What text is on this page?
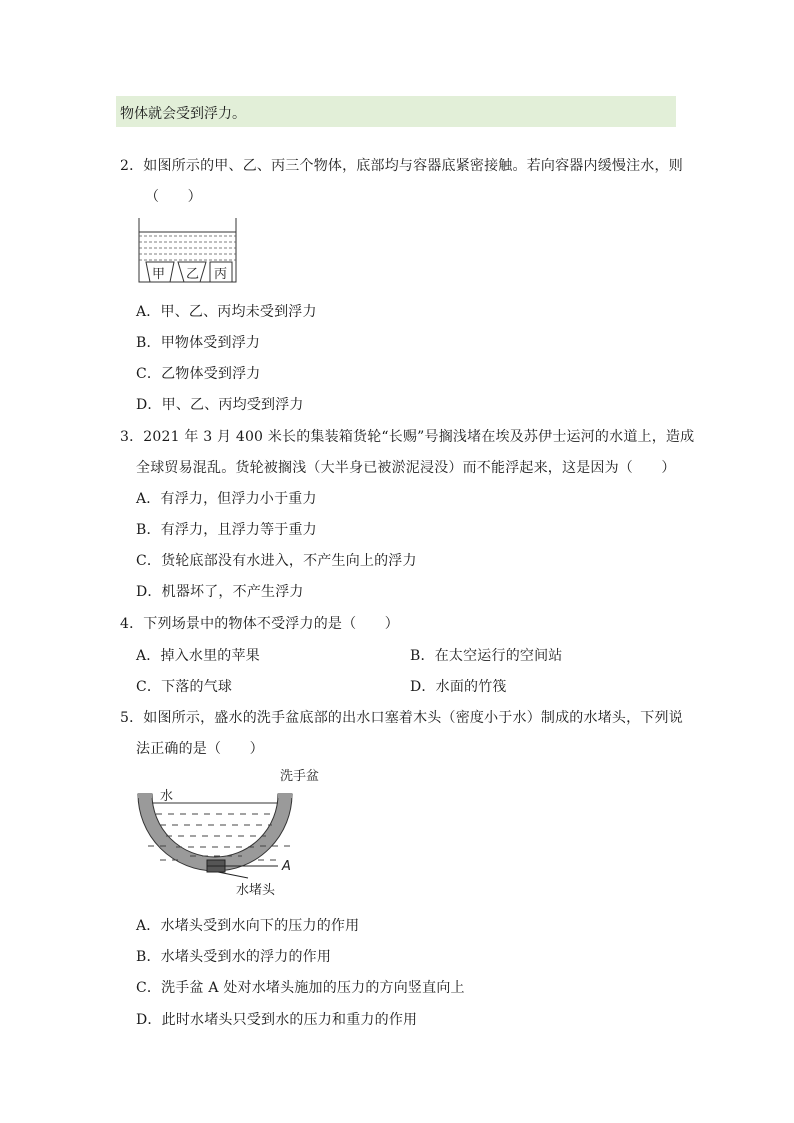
物体就会受到浮力。
2．如图所示的甲、乙、丙三个物体，底部均与容器底紧密接触。若向容器内缓慢注水，则
（　　）
甲 乙 丙
A．甲、乙、丙均未受到浮力
B．甲物体受到浮力
C．乙物体受到浮力
D．甲、乙、丙均受到浮力
3．2021 年 3 月 400 米长的集装箱货轮“长赐”号搁浅堵在埃及苏伊士运河的水道上，造成
全球贸易混乱。货轮被搁浅（大半身已被淤泥浸没）而不能浮起来，这是因为（　　）
A．有浮力，但浮力小于重力
B．有浮力，且浮力等于重力
C．货轮底部没有水进入，不产生向上的浮力
D．机器坏了，不产生浮力
4．下列场景中的物体不受浮力的是（　　）
A．掉入水里的苹果	B．在太空运行的空间站
C．下落的气球	D．水面的竹筏
5．如图所示，盛水的洗手盆底部的出水口塞着木头（密度小于水）制成的水堵头，下列说
法正确的是（　　）
A
水堵头
水
洗手盆
A．水堵头受到水向下的压力的作用
B．水堵头受到水的浮力的作用
C．洗手盆 A 处对水堵头施加的压力的方向竖直向上
D．此时水堵头只受到水的压力和重力的作用
